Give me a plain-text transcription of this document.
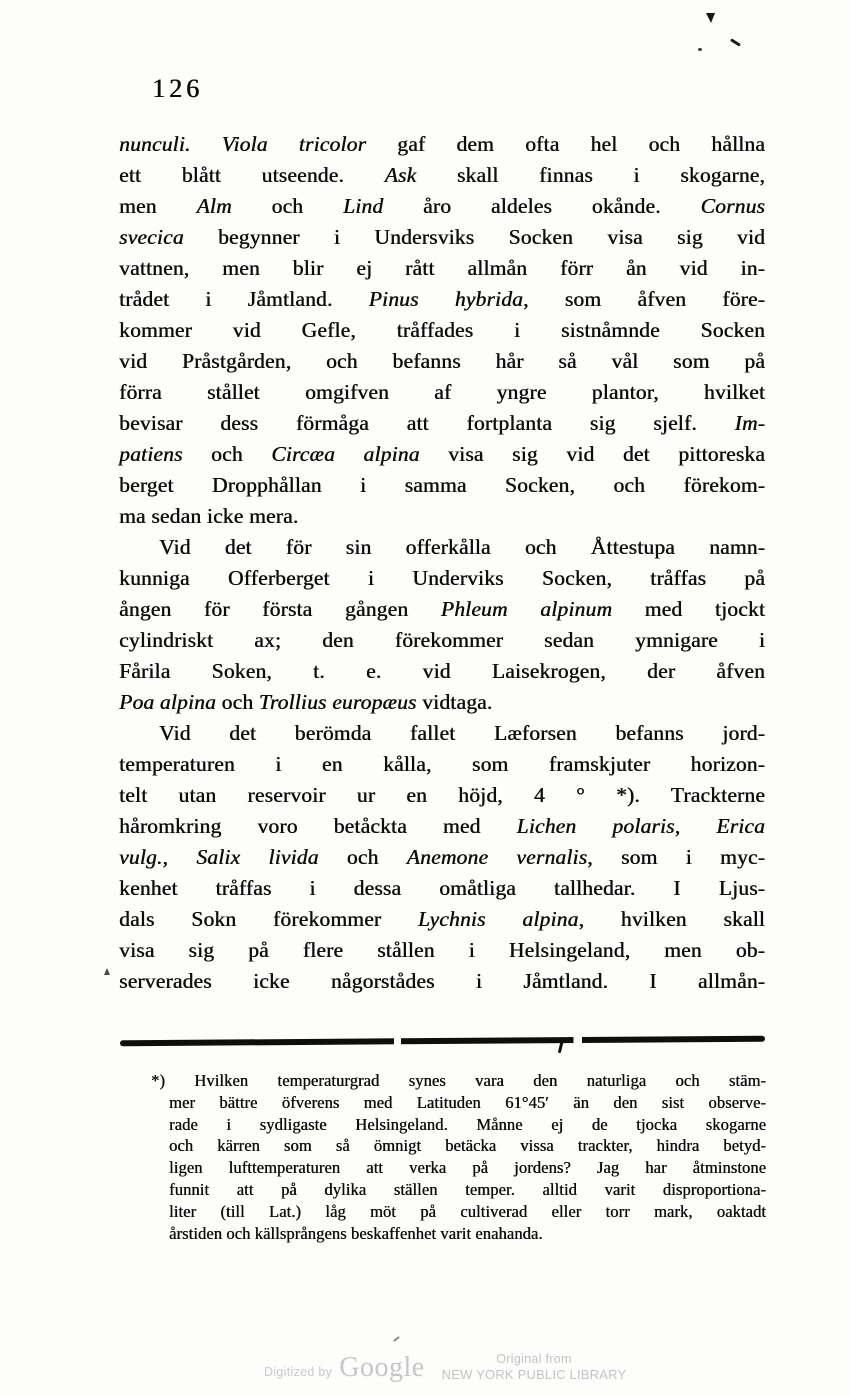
126
nunculi. Viola tricolor gaf dem ofta hel och hållna
ett blått utseende. Ask skall finnas i skogarne,
men Alm och Lind åro aldeles okånde. Cornus
svecica begynner i Undersviks Socken visa sig vid
vattnen, men blir ej rått allmån förr ån vid in-
trådet i Jåmtland. Pinus hybrida, som åfven före-
kommer vid Gefle, tråffades i sistnåmnde Socken
vid Pråstgården, och befanns hår så vål som på
förra stållet omgifven af yngre plantor, hvilket
bevisar dess förmåga att fortplanta sig sjelf. Im-
patiens och Circæa alpina visa sig vid det pittoreska
berget Dropphållan i samma Socken, och förekom-
ma sedan icke mera.
Vid det för sin offerkålla och Åttestupa namn-
kunniga Offerberget i Underviks Socken, tråffas på
ången för första gången Phleum alpinum med tjockt
cylindriskt ax; den förekommer sedan ymnigare i
Fårila Soken, t. e. vid Laisekrogen, der åfven
Poa alpina och Trollius europæus vidtaga.
Vid det berömda fallet Læforsen befanns jord-
temperaturen i en kålla, som framskjuter horizon-
telt utan reservoir ur en höjd, 4 ° *). Trackterne
håromkring voro betåckta med Lichen polaris, Erica
vulg., Salix livida och Anemone vernalis, som i myc-
kenhet tråffas i dessa omåtliga tallhedar. I Ljus-
dals Sokn förekommer Lychnis alpina, hvilken skall
visa sig på flere stållen i Helsingeland, men ob-
serverades icke någorstådes i Jåmtland. I allmån-
*) Hvilken temperaturgrad synes vara den naturliga och stäm-
mer bättre öfverens med Latituden 61°45′ än den sist observe-
rade i sydligaste Helsingeland. Månne ej de tjocka skogarne
och kärren som så ömnigt betäcka vissa trackter, hindra betyd-
ligen lufttemperaturen att verka på jordens? Jag har åtminstone
funnit att på dylika ställen temper. alltid varit disproportiona-
liter (till Lat.) låg möt på cultiverad eller torr mark, oaktadt
årstiden och källsprångens beskaffenhet varit enahanda.
Digitized by Google	Original from
NEW YORK PUBLIC LIBRARY
